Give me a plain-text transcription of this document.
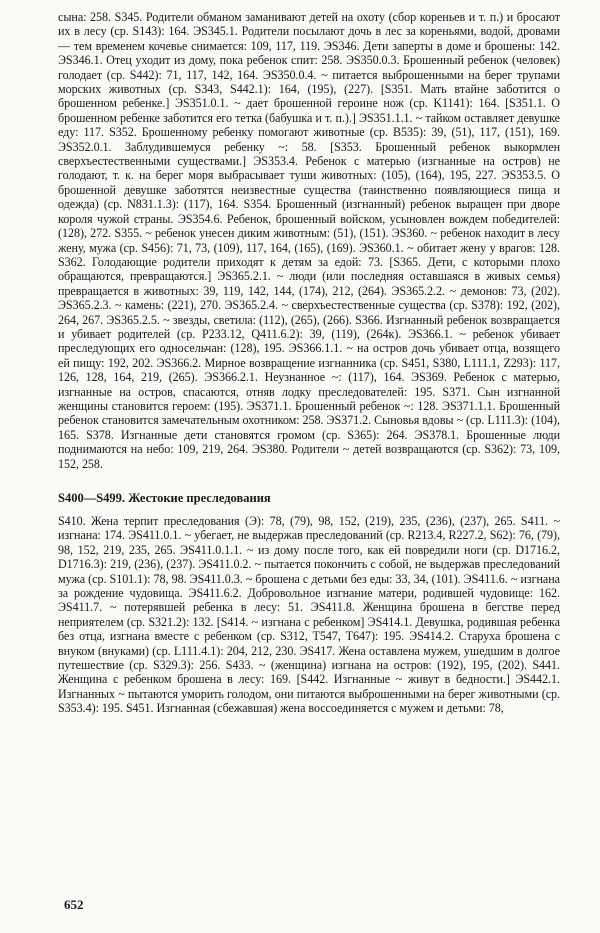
сына: 258. S345. Родители обманом заманивают детей на охоту (сбор кореньев и т. п.) и бросают их в лесу (ср. S143): 164. ЭS345.1. Родители посылают дочь в лес за кореньями, водой, дровами — тем временем кочевье снимается: 109, 117, 119. ЭS346. Дети заперты в доме и брошены: 142. ЭS346.1. Отец уходит из дому, пока ребенок спит: 258. ЭS350.0.3. Брошенный ребенок (человек) голодает (ср. S442): 71, 117, 142, 164. ЭS350.0.4. ~ питается выброшенными на берег трупами морских животных (ср. S343, S442.1): 164, (195), (227). [S351. Мать втайне заботится о брошенном ребенке.] ЭS351.0.1. ~ дает брошенной героине нож (ср. K1141): 164. [S351.1. О брошенном ребенке заботится его тетка (бабушка и т. п.).] ЭS351.1.1. ~ тайком оставляет девушке еду: 117. S352. Брошенному ребенку помогают животные (ср. B535): 39, (51), 117, (151), 169. ЭS352.0.1. Заблудившемуся ребенку ~: 58. [S353. Брошенный ребенок выкормлен сверхъестественными существами.] ЭS353.4. Ребенок с матерью (изгнанные на остров) не голодают, т. к. на берег моря выбрасывает туши животных: (105), (164), 195, 227. ЭS353.5. О брошенной девушке заботятся неизвестные существа (таинственно появляющиеся пища и одежда) (ср. N831.1.3): (117), 164. S354. Брошенный (изгнанный) ребенок выращен при дворе короля чужой страны. ЭS354.6. Ребенок, брошенный войском, усыновлен вождем победителей: (128), 272. S355. ~ ребенок унесен диким животным: (51), (151). ЭS360. ~ ребенок находит в лесу жену, мужа (ср. S456): 71, 73, (109), 117, 164, (165), (169). ЭS360.1. ~ обитает жену у врагов: 128. S362. Голодающие родители приходят к детям за едой: 73. [S365. Дети, с которыми плохо обращаются, превращаются.] ЭS365.2.1. ~ люди (или последняя оставшаяся в живых семья) превращается в животных: 39, 119, 142, 144, (174), 212, (264). ЭS365.2.2. ~ демонов: 73, (202). ЭS365.2.3. ~ камень: (221), 270. ЭS365.2.4. ~ сверхъестественные существа (ср. S378): 192, (202), 264, 267. ЭS365.2.5. ~ звезды, светила: (112), (265), (266). S366. Изгнанный ребенок возвращается и убивает родителей (ср. P233.12, Q411.6.2): 39, (119), (264к). ЭS366.1. ~ ребенок убивает преследующих его односельчан: (128), 195. ЭS366.1.1. ~ на остров дочь убивает отца, возящего ей пищу: 192, 202. ЭS366.2. Мирное возвращение изгнанника (ср. S451, S380, L111.1, Z293): 117, 126, 128, 164, 219, (265). ЭS366.2.1. Неузнанное ~: (117), 164. ЭS369. Ребенок с матерью, изгнанные на остров, спасаются, отняв лодку преследователей: 195. S371. Сын изгнанной женщины становится героем: (195). ЭS371.1. Брошенный ребенок ~: 128. ЭS371.1.1. Брошенный ребенок становится замечательным охотником: 258. ЭS371.2. Сыновья вдовы ~ (ср. L111.3): (104), 165. S378. Изгнанные дети становятся громом (ср. S365): 264. ЭS378.1. Брошенные люди поднимаются на небо: 109, 219, 264. ЭS380. Родители ~ детей возвращаются (ср. S362): 73, 109, 152, 258.

S400—S499. Жестокие преследования

S410. Жена терпит преследования (Э): 78, (79), 98, 152, (219), 235, (236), (237), 265. S411. ~ изгнана: 174. ЭS411.0.1. ~ убегает, не выдержав преследований (ср. R213.4, R227.2, S62): 76, (79), 98, 152, 219, 235, 265. ЭS411.0.1.1. ~ из дому после того, как ей повредили ноги (ср. D1716.2, D1716.3): 219, (236), (237). ЭS411.0.2. ~ пытается покончить с собой, не выдержав преследований мужа (ср. S101.1): 78, 98. ЭS411.0.3. ~ брошена с детьми без еды: 33, 34, (101). ЭS411.6. ~ изгнана за рождение чудовища. ЭS411.6.2. Добровольное изгнание матери, родившей чудовище: 162. ЭS411.7. ~ потерявшей ребенка в лесу: 51. ЭS411.8. Женщина брошена в бегстве перед неприятелем (ср. S321.2): 132. [S414. ~ изгнана с ребенком] ЭS414.1. Девушка, родившая ребенка без отца, изгнана вместе с ребенком (ср. S312, T547, T647): 195. ЭS414.2. Старуха брошена с внуком (внуками) (ср. L111.4.1): 204, 212, 230. ЭS417. Жена оставлена мужем, ушедшим в долгое путешествие (ср. S329.3): 256. S433. ~ (женщина) изгнана на остров: (192), 195, (202). S441. Женщина с ребенком брошена в лесу: 169. [S442. Изгнанные ~ живут в бедности.] ЭS442.1. Изгнанных ~ пытаются уморить голодом, они питаются выброшенными на берег животными (ср. S353.4): 195. S451. Изгнанная (сбежавшая) жена воссоединяется с мужем и детьми: 78,

652
